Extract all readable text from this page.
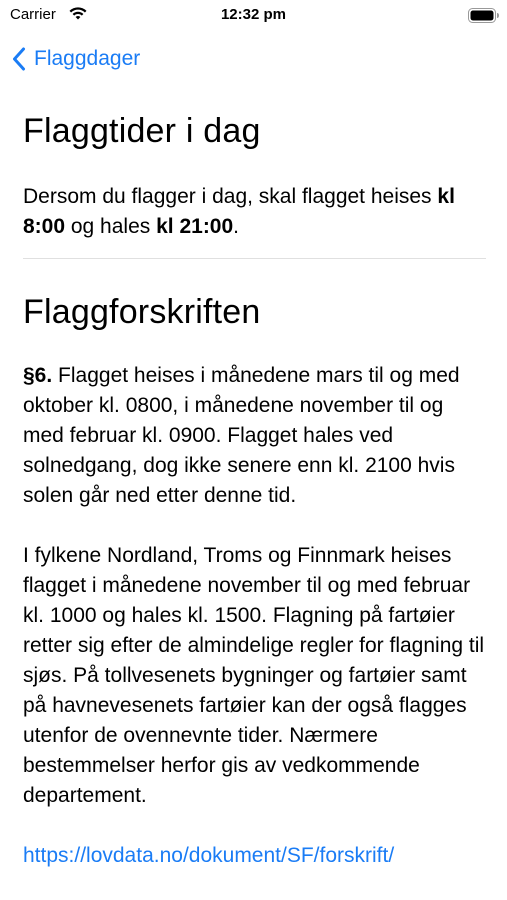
Carrier	12:32 pm
Flaggdager
Flaggtider i dag

Dersom du flagger i dag, skal flagget heises kl 8:00 og hales kl 21:00.

Flaggforskriften

§6. Flagget heises i månedene mars til og med oktober kl. 0800, i månedene november til og med februar kl. 0900. Flagget hales ved solnedgang, dog ikke senere enn kl. 2100 hvis solen går ned etter denne tid.

I fylkene Nordland, Troms og Finnmark heises flagget i månedene november til og med februar kl. 1000 og hales kl. 1500. Flagning på fartøier retter sig efter de almindelige regler for flagning til sjøs. På tollvesenets bygninger og fartøier samt på havnevesenets fartøier kan der også flagges utenfor de ovennevnte tider. Nærmere bestemmelser herfor gis av vedkommende departement.

https://lovdata.no/dokument/SF/forskrift/
